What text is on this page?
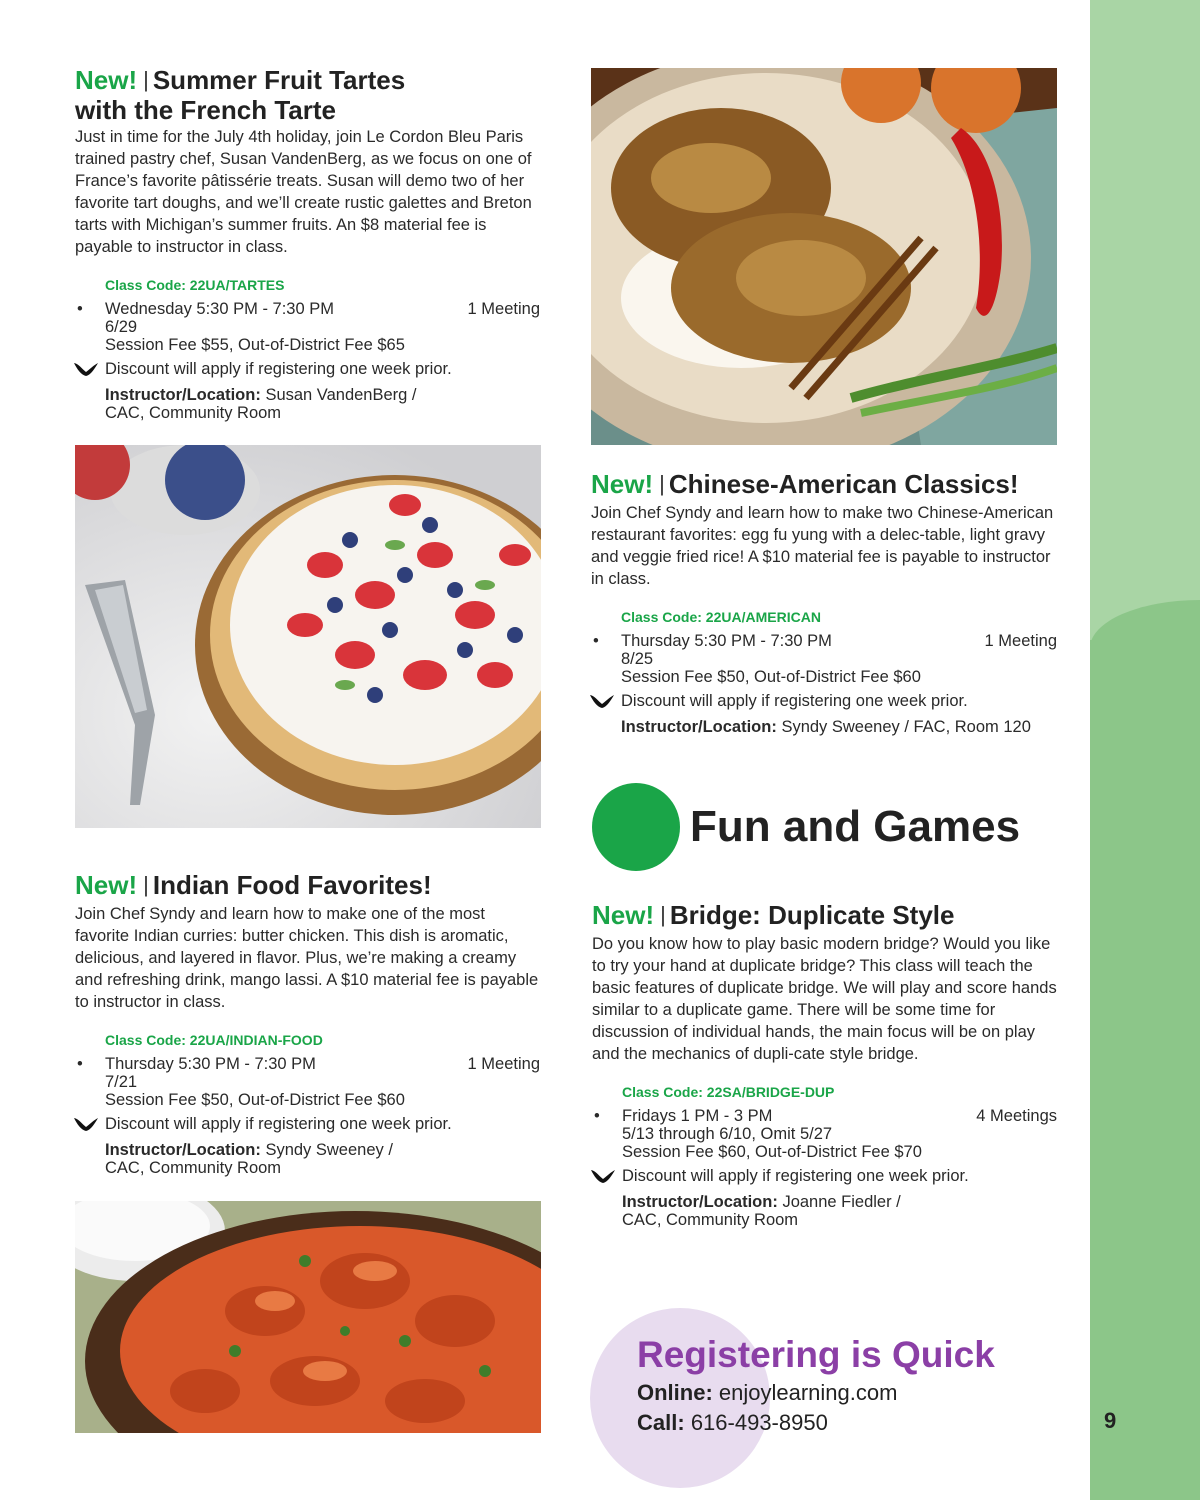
9
New! | Summer Fruit Tartes
with the French Tarte
Just in time for the July 4th holiday, join Le Cordon Bleu Paris trained pastry chef, Susan VandenBerg, as we focus on one of France’s favorite pâtissérie treats. Susan will demo two of her favorite tart doughs, and we’ll create rustic galettes and Breton tarts with Michigan’s summer fruits. An $8 material fee is payable to instructor in class.
Class Code: 22UA/TARTES
• Wednesday 5:30 PM - 7:30 PM	1 Meeting
6/29
Session Fee $55, Out-of-District Fee $65
Discount will apply if registering one week prior.
Instructor/Location: Susan VandenBerg /
CAC, Community Room
New! | Indian Food Favorites!
Join Chef Syndy and learn how to make one of the most favorite Indian curries: butter chicken. This dish is aromatic, delicious, and layered in flavor. Plus, we’re making a creamy and refreshing drink, mango lassi. A $10 material fee is payable to instructor in class.
Class Code: 22UA/INDIAN-FOOD
• Thursday 5:30 PM - 7:30 PM	1 Meeting
7/21
Session Fee $50, Out-of-District Fee $60
Discount will apply if registering one week prior.
Instructor/Location: Syndy Sweeney /
CAC, Community Room
New! | Chinese-American Classics!
Join Chef Syndy and learn how to make two Chinese-American restaurant favorites: egg fu yung with a delec-table, light gravy and veggie fried rice! A $10 material fee is payable to instructor in class.
Class Code: 22UA/AMERICAN
• Thursday 5:30 PM - 7:30 PM	1 Meeting
8/25
Session Fee $50, Out-of-District Fee $60
Discount will apply if registering one week prior.
Instructor/Location: Syndy Sweeney / FAC, Room 120
Fun and Games
New! | Bridge: Duplicate Style
Do you know how to play basic modern bridge? Would you like to try your hand at duplicate bridge? This class will teach the basic features of duplicate bridge. We will play and score hands similar to a duplicate game. There will be some time for discussion of individual hands, the main focus will be on play and the mechanics of dupli-cate style bridge.
Class Code: 22SA/BRIDGE-DUP
• Fridays 1 PM - 3 PM	4 Meetings
5/13 through 6/10, Omit 5/27
Session Fee $60, Out-of-District Fee $70
Discount will apply if registering one week prior.
Instructor/Location: Joanne Fiedler /
CAC, Community Room
Registering is Quick
Online: enjoylearning.com
Call: 616-493-8950
